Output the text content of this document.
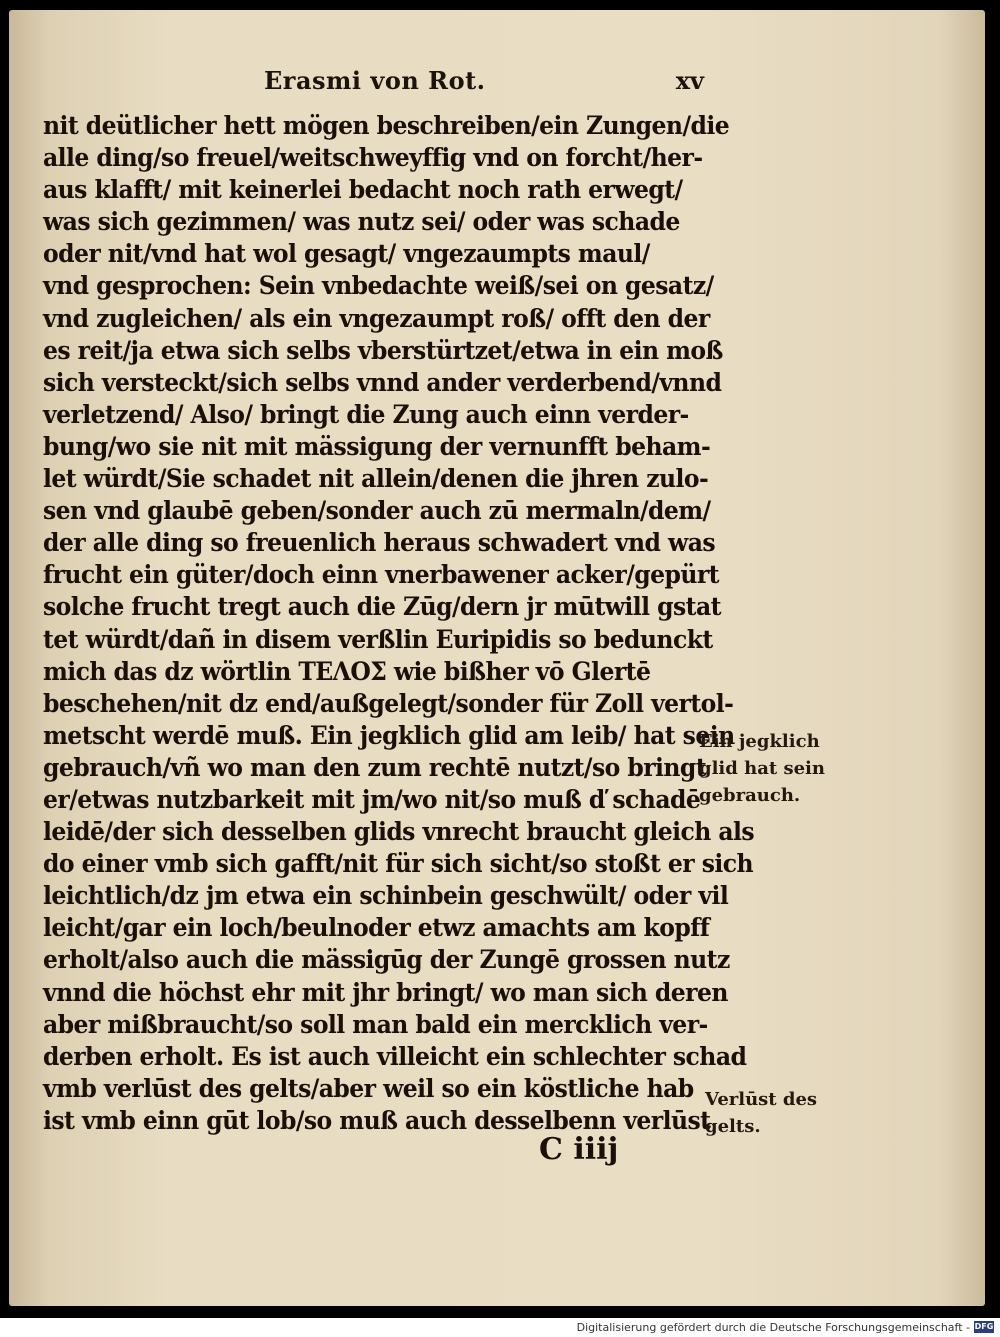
Erasmi von Rot.	xv
nit deütlicher hett mögen beschreiben/ein Zungen/die
alle ding/so freuel/weitschweyffig vnd on forcht/her-
aus klafft/ mit keinerlei bedacht noch rath erwegt/
was sich gezimmen/ was nutz sei/ oder was schade
oder nit/vnd hat wol gesagt/ vngezaumpts maul/
vnd gesprochen: Sein vnbedachte weiß/sei on gesatz/
vnd zugleichen/ als ein vngezaumpt roß/ offt den der
es reit/ja etwa sich selbs vberstürtzet/etwa in ein moß
sich versteckt/sich selbs vnnd ander verderbend/vnnd
verletzend/ Also/ bringt die Zung auch einn verder-
bung/wo sie nit mit mässigung der vernunfft beham-
let würdt/Sie schadet nit allein/denen die jhren zulo-
sen vnd glaubē geben/sonder auch zū mermaln/dem/
der alle ding so freuenlich heraus schwadert vnd was
frucht ein güter/doch einn vnerbawener acker/gepürt
solche frucht tregt auch die Zūg/dern jr mūtwill gstat
tet würdt/dañ in disem verßlin Euripidis so bedunckt
mich das dz wörtlin ΤΕΛΟΣ wie bißher vō Glertē
beschehen/nit dz end/außgelegt/sonder für Zoll vertol-
metscht werdē muß. Ein jegklich glid am leib/ hat sein
gebrauch/vñ wo man den zum rechtē nutzt/so bringt
er/etwas nutzbarkeit mit jm/wo nit/so muß ď schadē
leidē/der sich desselben glids vnrecht braucht gleich als
do einer vmb sich gafft/nit für sich sicht/so stoßt er sich
leichtlich/dz jm etwa ein schinbein geschwült/ oder vil
leicht/gar ein loch/beulnoder etwz amachts am kopff
erholt/also auch die mässigūg der Zungē grossen nutz
vnnd die höchst ehr mit jhr bringt/ wo man sich deren
aber mißbraucht/so soll man bald ein mercklich ver-
derben erholt. Es ist auch villeicht ein schlechter schad
vmb verlūst des gelts/aber weil so ein köstliche hab
ist vmb einn gūt lob/so muß auch desselbenn verlūst
Ein jegklich
glid hat sein
gebrauch.
Verlūst des
gelts.
C iiij
Digitalisierung gefördert durch die Deutsche Forschungsgemeinschaft - DFG
